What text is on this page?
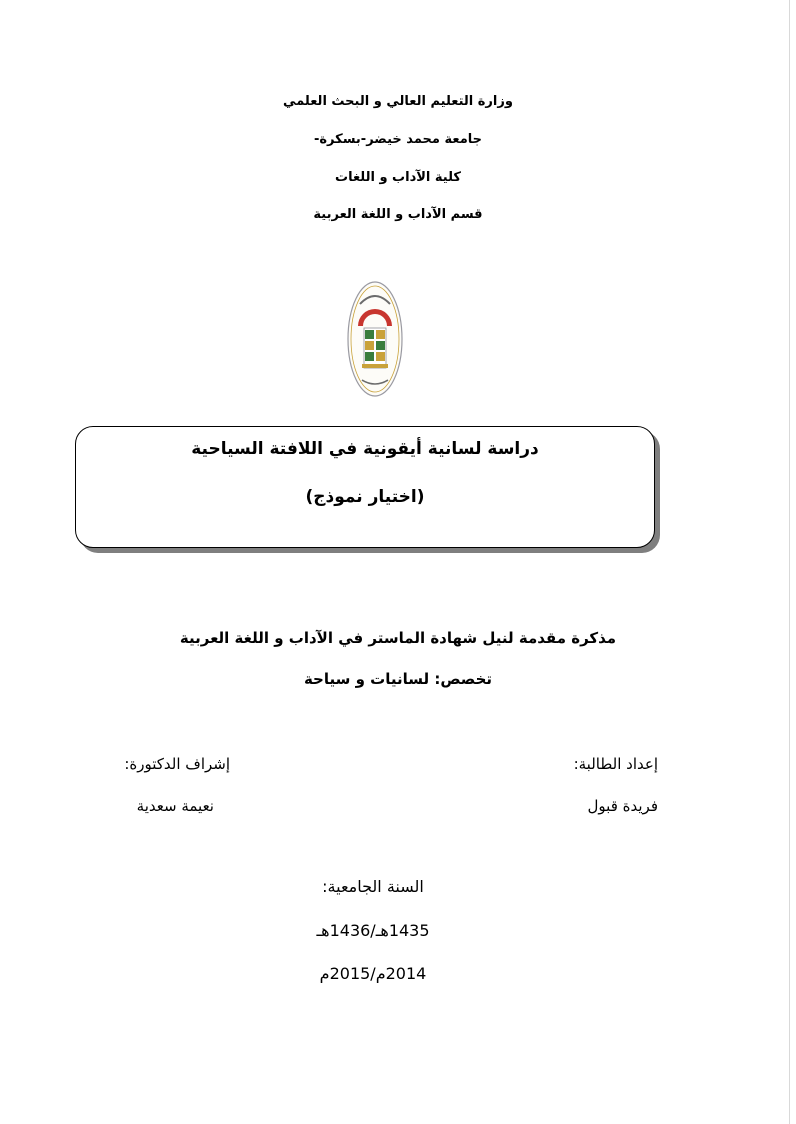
وزارة التعليم العالي و البحث العلمي
جامعة محمد خيضر-بسكرة-
كلية الآداب و اللغات
قسم الآداب و اللغة العربية
دراسة لسانية أيقونية في اللافتة السياحية
(اختيار نموذج)
مذكرة مقدمة لنيل شهادة الماستر في الآداب و اللغة العربية
تخصص: لسانيات و سياحة
إعداد الطالبة:
فريدة قبول
إشراف الدكتورة:
نعيمة سعدية
السنة الجامعية:
1435هـ/1436هـ
2014م/2015م
